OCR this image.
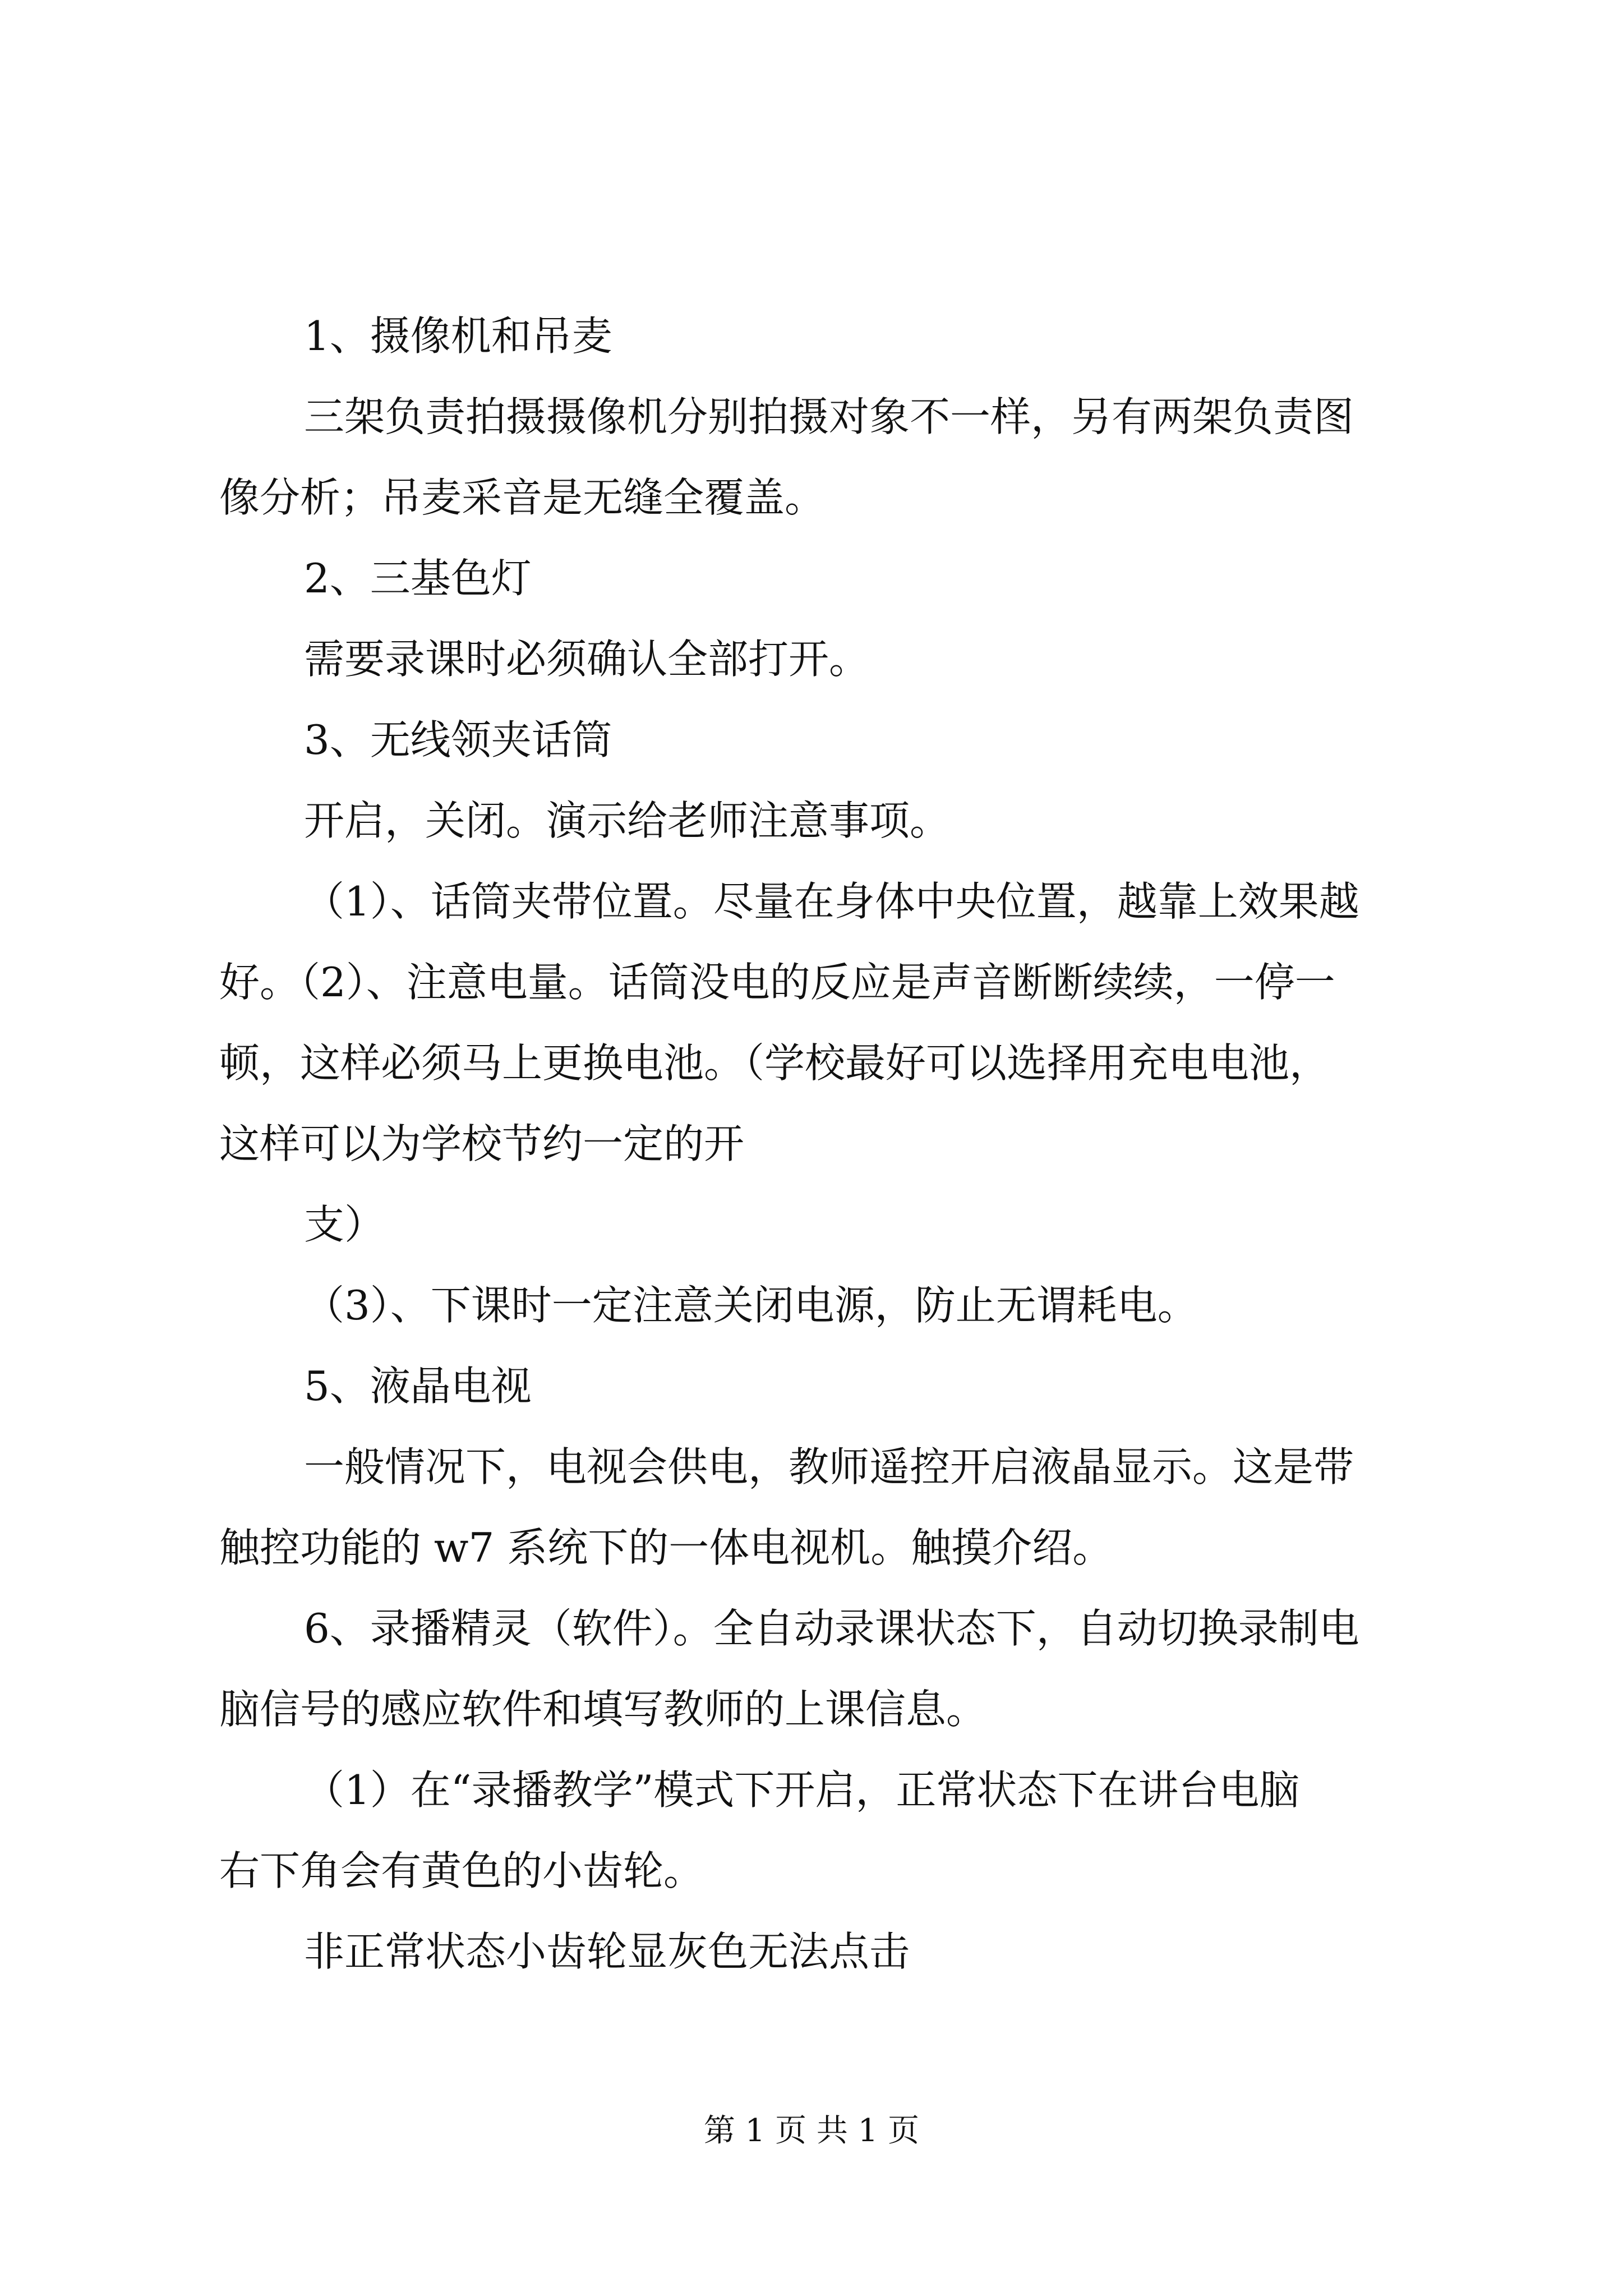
1、摄像机和吊麦

三架负责拍摄摄像机分别拍摄对象不一样，另有两架负责图

像分析；吊麦采音是无缝全覆盖。

2、三基色灯

需要录课时必须确认全部打开。

3、无线领夹话筒

开启，关闭。演示给老师注意事项。

（1）、话筒夹带位置。尽量在身体中央位置，越靠上效果越

好。（2）、注意电量。话筒没电的反应是声音断断续续，一停一

顿，这样必须马上更换电池。（学校最好可以选择用充电电池，

这样可以为学校节约一定的开

支）

（3）、下课时一定注意关闭电源，防止无谓耗电。

5、液晶电视

一般情况下，电视会供电，教师遥控开启液晶显示。这是带

触控功能的 w7 系统下的一体电视机。触摸介绍。

6、录播精灵（软件）。全自动录课状态下，自动切换录制电

脑信号的感应软件和填写教师的上课信息。

（1）在“录播教学”模式下开启，正常状态下在讲台电脑

右下角会有黄色的小齿轮。

非正常状态小齿轮显灰色无法点击

第 1 页 共 1 页
